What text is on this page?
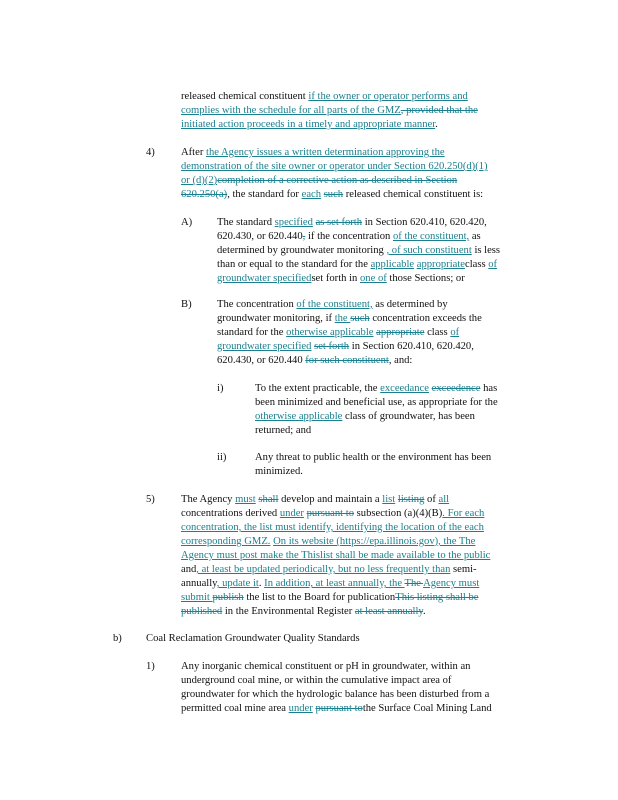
released chemical constituent if the owner or operator performs and
complies with the schedule for all parts of the GMZ, provided that the
initiated action proceeds in a timely and appropriate manner.
4) After the Agency issues a written determination approving the
demonstration of the site owner or operator under Section 620.250(d)(1)
or (d)(2)completion of a corrective action as described in Section
620.250(a), the standard for each such released chemical constituent is:
A) The standard specified as set forth in Section 620.410, 620.420,
620.430, or 620.440, if the concentration of the constituent, as
determined by groundwater monitoring , of such constituent is less
than or equal to the standard for the applicable appropriateclass of
groundwater specifiedset forth in one of those Sections; or
B) The concentration of the constituent, as determined by
groundwater monitoring, if the such concentration exceeds the
standard for the otherwise applicable appropriate class of
groundwater specified set forth in Section 620.410, 620.420,
620.430, or 620.440 for such constituent, and:
i)	To the extent practicable, the exceedance exceedence has
been minimized and beneficial use, as appropriate for the
otherwise applicable class of groundwater, has been
returned; and
ii)	Any threat to public health or the environment has been
minimized.
5) The Agency must shall develop and maintain a list listing of all
concentrations derived under pursuant to subsection (a)(4)(B). For each
concentration, the list must identify, identifying the location of the each
corresponding GMZ. On its website (https://epa.illinois.gov), the The
Agency must post make the Thislist shall be made available to the public
and, at least be updated periodically, but no less frequently than semi-
annually, update it. In addition, at least annually, the The Agency must
submit publish the list to the Board for publicationThis listing shall be
published in the Environmental Register at least annually.
b) Coal Reclamation Groundwater Quality Standards
1) Any inorganic chemical constituent or pH in groundwater, within an
underground coal mine, or within the cumulative impact area of
groundwater for which the hydrologic balance has been disturbed from a
permitted coal mine area under pursuant tothe Surface Coal Mining Land
